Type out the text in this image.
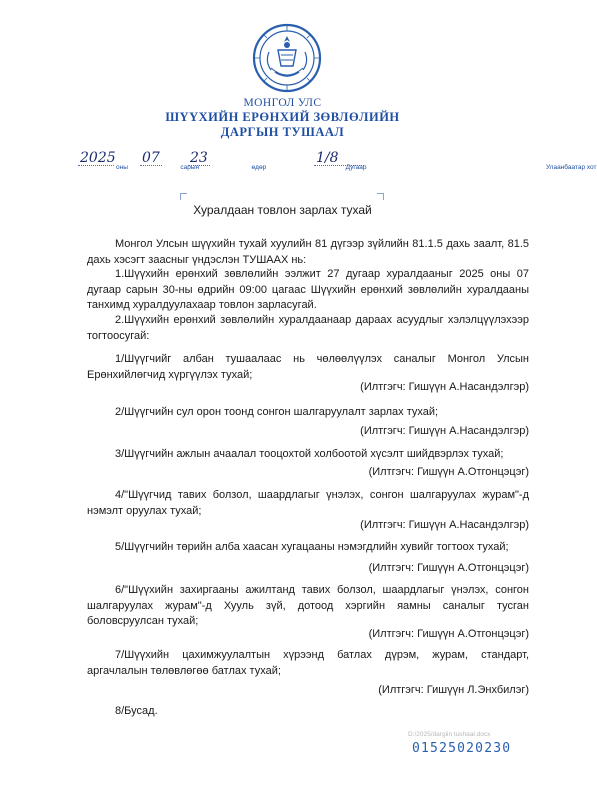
МОНГОЛ УЛС
ШҮҮХИЙН ЕРӨНХИЙ ЗӨВЛӨЛИЙН
ДАРГЫН ТУШААЛ
2025
$_{оны}$
07
$_{сарын}$
23
$_{өдөр}$	$_{Дугаар}$
1/8
$_{Улаанбаатар хот}$
Хуралдаан товлон зарлах тухай
Монгол Улсын шүүхийн тухай хуулийн 81 дүгээр зүйлийн 81.1.5 дахь заалт, 81.5 дахь хэсэгт заасныг үндэслэн ТУШААХ нь:
1.Шүүхийн ерөнхий зөвлөлийн ээлжит 27 дугаар хуралдааныг 2025 оны 07 дугаар сарын 30-ны өдрийн 09:00 цагаас Шүүхийн ерөнхий зөвлөлийн хуралдааны танхимд хуралдуулахаар товлон зарласугай.
2.Шүүхийн ерөнхий зөвлөлийн хуралдаанаар дараах асуудлыг хэлэлцүүлэхээр тогтоосугай:
1/Шүүгчийг албан тушаалаас нь чөлөөлүүлэх саналыг Монгол Улсын Ерөнхийлөгчид хүргүүлэх тухай;
(Илтгэгч: Гишүүн А.Насандэлгэр)
2/Шүүгчийн сул орон тоонд сонгон шалгаруулалт зарлах тухай;
(Илтгэгч: Гишүүн А.Насандэлгэр)
3/Шүүгчийн ажлын ачаалал тооцохтой холбоотой хүсэлт шийдвэрлэх тухай;
(Илтгэгч: Гишүүн А.Отгонцэцэг)
4/"Шүүгчид тавих болзол, шаардлагыг үнэлэх, сонгон шалгаруулах журам"-д нэмэлт оруулах тухай;
(Илтгэгч: Гишүүн А.Насандэлгэр)
5/Шүүгчийн төрийн алба хаасан хугацааны нэмэгдлийн хувийг тогтоох тухай;
(Илтгэгч: Гишүүн А.Отгонцэцэг)
6/"Шүүхийн захиргааны ажилтанд тавих болзол, шаардлагыг үнэлэх, сонгон шалгаруулах журам"-д Хууль зүй, дотоод хэргийн яамны саналыг тусган боловсруулсан тухай;
(Илтгэгч: Гишүүн А.Отгонцэцэг)
7/Шүүхийн цахимжуулалтын хүрээнд батлах дүрэм, журам, стандарт, аргачлалын төлөвлөгөө батлах тухай;
(Илтгэгч: Гишүүн Л.Энхбилэг)
8/Бусад.
D:/2025/dargiin tushaal.docx
01525020230
